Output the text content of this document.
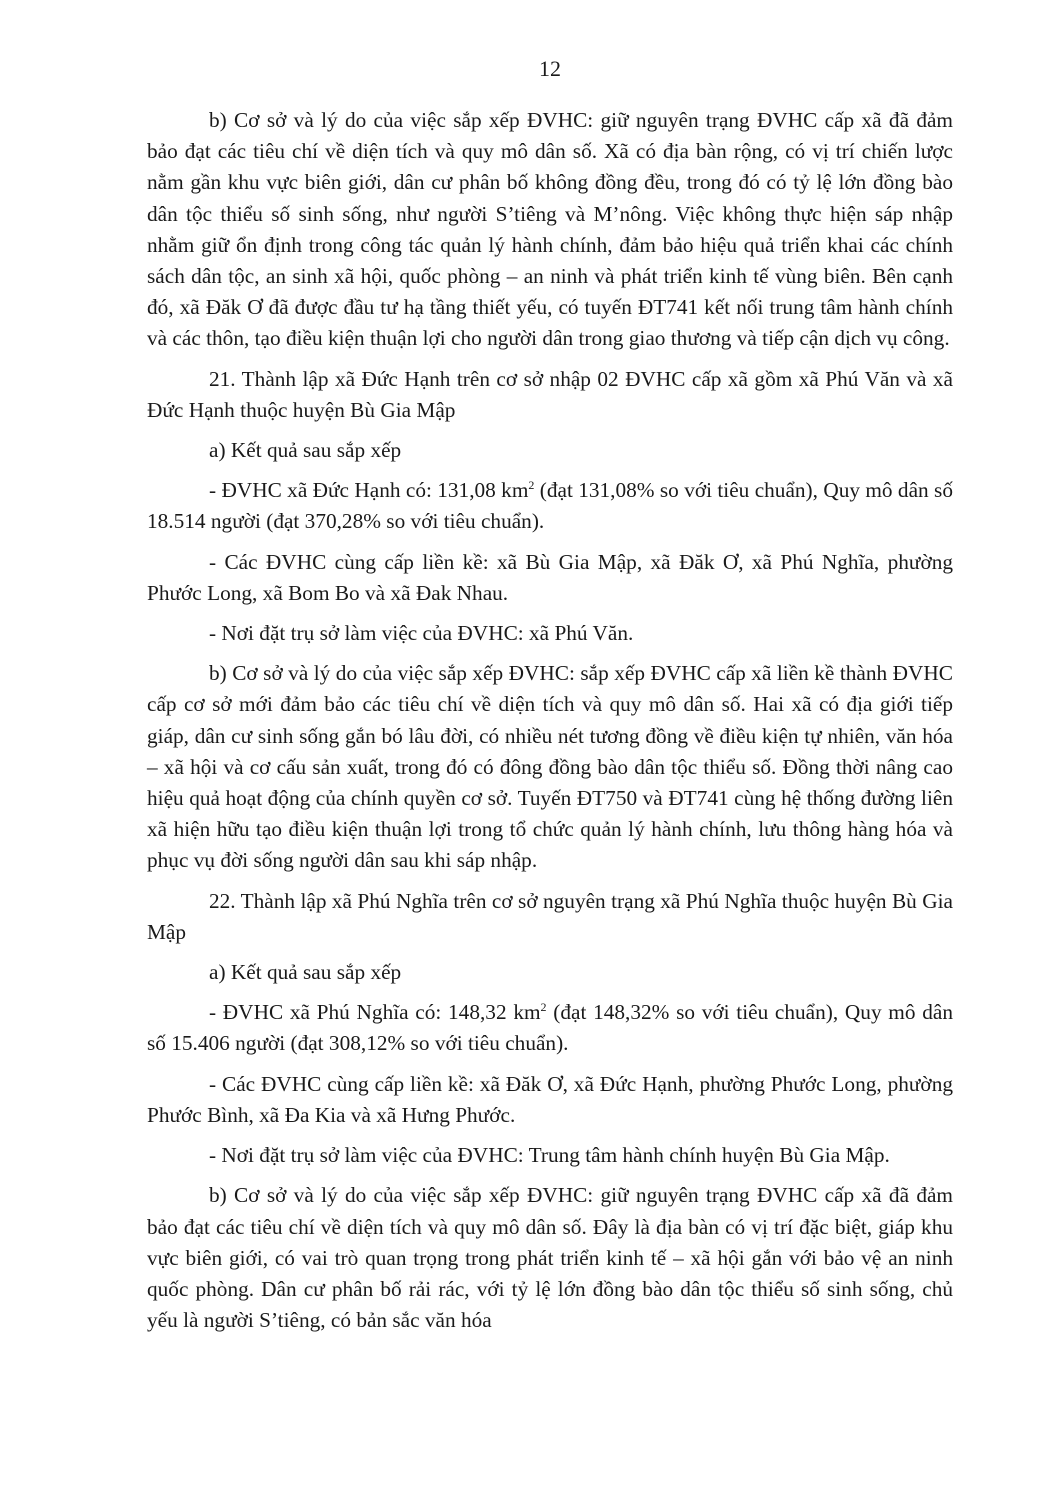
12

b) Cơ sở và lý do của việc sắp xếp ĐVHC: giữ nguyên trạng ĐVHC cấp xã đã đảm bảo đạt các tiêu chí về diện tích và quy mô dân số. Xã có địa bàn rộng, có vị trí chiến lược nằm gần khu vực biên giới, dân cư phân bố không đồng đều, trong đó có tỷ lệ lớn đồng bào dân tộc thiểu số sinh sống, như người S’tiêng và M’nông. Việc không thực hiện sáp nhập nhằm giữ ổn định trong công tác quản lý hành chính, đảm bảo hiệu quả triển khai các chính sách dân tộc, an sinh xã hội, quốc phòng – an ninh và phát triển kinh tế vùng biên. Bên cạnh đó, xã Đăk Ơ đã được đầu tư hạ tầng thiết yếu, có tuyến ĐT741 kết nối trung tâm hành chính và các thôn, tạo điều kiện thuận lợi cho người dân trong giao thương và tiếp cận dịch vụ công.

21. Thành lập xã Đức Hạnh trên cơ sở nhập 02 ĐVHC cấp xã gồm xã Phú Văn và xã Đức Hạnh thuộc huyện Bù Gia Mập

a) Kết quả sau sắp xếp

- ĐVHC xã Đức Hạnh có: 131,08 $km^2$ (đạt 131,08% so với tiêu chuẩn), Quy mô dân số 18.514 người (đạt 370,28% so với tiêu chuẩn).

- Các ĐVHC cùng cấp liền kề: xã Bù Gia Mập, xã Đăk Ơ, xã Phú Nghĩa, phường Phước Long, xã Bom Bo và xã Đak Nhau.

- Nơi đặt trụ sở làm việc của ĐVHC: xã Phú Văn.

b) Cơ sở và lý do của việc sắp xếp ĐVHC: sắp xếp ĐVHC cấp xã liền kề thành ĐVHC cấp cơ sở mới đảm bảo các tiêu chí về diện tích và quy mô dân số. Hai xã có địa giới tiếp giáp, dân cư sinh sống gắn bó lâu đời, có nhiều nét tương đồng về điều kiện tự nhiên, văn hóa – xã hội và cơ cấu sản xuất, trong đó có đông đồng bào dân tộc thiểu số. Đồng thời nâng cao hiệu quả hoạt động của chính quyền cơ sở. Tuyến ĐT750 và ĐT741 cùng hệ thống đường liên xã hiện hữu tạo điều kiện thuận lợi trong tổ chức quản lý hành chính, lưu thông hàng hóa và phục vụ đời sống người dân sau khi sáp nhập.

22. Thành lập xã Phú Nghĩa trên cơ sở nguyên trạng xã Phú Nghĩa thuộc huyện Bù Gia Mập

a) Kết quả sau sắp xếp

- ĐVHC xã Phú Nghĩa có: 148,32 $km^2$ (đạt 148,32% so với tiêu chuẩn), Quy mô dân số 15.406 người (đạt 308,12% so với tiêu chuẩn).

- Các ĐVHC cùng cấp liền kề: xã Đăk Ơ, xã Đức Hạnh, phường Phước Long, phường Phước Bình, xã Đa Kia và xã Hưng Phước.

- Nơi đặt trụ sở làm việc của ĐVHC: Trung tâm hành chính huyện Bù Gia Mập.

b) Cơ sở và lý do của việc sắp xếp ĐVHC: giữ nguyên trạng ĐVHC cấp xã đã đảm bảo đạt các tiêu chí về diện tích và quy mô dân số. Đây là địa bàn có vị trí đặc biệt, giáp khu vực biên giới, có vai trò quan trọng trong phát triển kinh tế – xã hội gắn với bảo vệ an ninh quốc phòng. Dân cư phân bố rải rác, với tỷ lệ lớn đồng bào dân tộc thiểu số sinh sống, chủ yếu là người S’tiêng, có bản sắc văn hóa
